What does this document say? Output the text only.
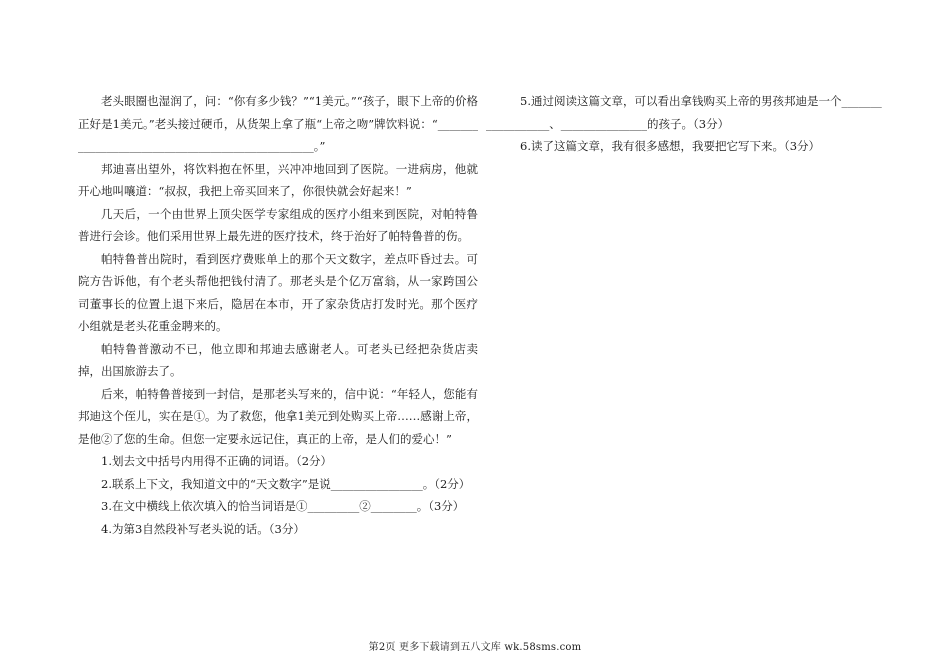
老头眼圈也湿润了，问：“你有多少钱？”“1美元。”“孩子，眼下上帝的价格正好是1美元。”老头接过硬币，从货架上拿了瓶“上帝之吻”牌饮料说：“________________________________________________。”

邦迪喜出望外，将饮料抱在怀里，兴冲冲地回到了医院。一进病房，他就开心地叫嚷道：“叔叔，我把上帝买回来了，你很快就会好起来！”

几天后，一个由世界上顶尖医学专家组成的医疗小组来到医院，对帕特鲁普进行会诊。他们采用世界上最先进的医疗技术，终于治好了帕特鲁普的伤。

帕特鲁普出院时，看到医疗费账单上的那个天文数字，差点吓昏过去。可院方告诉他，有个老头帮他把钱付清了。那老头是个亿万富翁，从一家跨国公司董事长的位置上退下来后，隐居在本市，开了家杂货店打发时光。那个医疗小组就是老头花重金聘来的。

帕特鲁普激动不已，他立即和邦迪去感谢老人。可老头已经把杂货店卖掉，出国旅游去了。

后来，帕特鲁普接到一封信，是那老头写来的，信中说：“年轻人，您能有邦迪这个侄儿，实在是①。为了救您，他拿1美元到处购买上帝……感谢上帝，是他②了您的生命。但您一定要永远记住，真正的上帝，是人们的爱心！”

1.划去文中括号内用得不正确的词语。（2分）

2.联系上下文，我知道文中的“天文数字”是说________________。（2分）

3.在文中横线上依次填入的恰当词语是①_________②________。（3分）

4.为第3自然段补写老头说的话。（3分）

5.通过阅读这篇文章，可以看出拿钱购买上帝的男孩邦迪是一个__________________、_______________的孩子。（3分）

6.读了这篇文章，我有很多感想，我要把它写下来。（3分）

第2页 更多下载请到五八文库 wk.58sms.com
